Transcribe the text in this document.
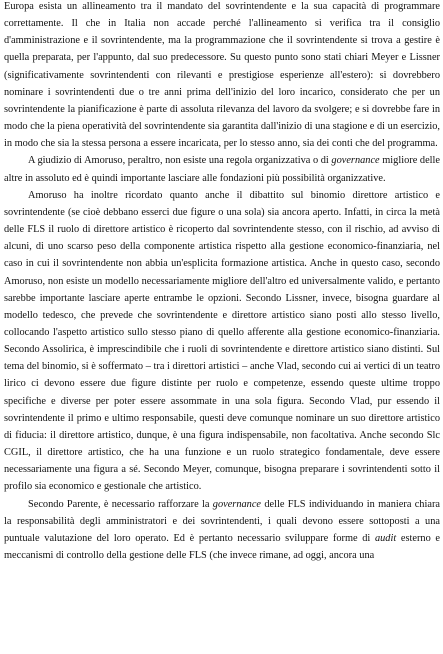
Europa esista un allineamento tra il mandato del sovrintendente e la sua capacità di programmare correttamente. Il che in Italia non accade perché l'allineamento si verifica tra il consiglio d'amministrazione e il sovrintendente, ma la programmazione che il sovrintendente si trova a gestire è quella preparata, per l'appunto, dal suo predecessore. Su questo punto sono stati chiari Meyer e Lissner (significativamente sovrintendenti con rilevanti e prestigiose esperienze all'estero): si dovrebbero nominare i sovrintendenti due o tre anni prima dell'inizio del loro incarico, considerato che per un sovrintendente la pianificazione è parte di assoluta rilevanza del lavoro da svolgere; e si dovrebbe fare in modo che la piena operatività del sovrintendente sia garantita dall'inizio di una stagione e di un esercizio, in modo che sia la stessa persona a essere incaricata, per lo stesso anno, sia dei conti che del programma.

A giudizio di Amoruso, peraltro, non esiste una regola organizzativa o di governance migliore delle altre in assoluto ed è quindi importante lasciare alle fondazioni più possibilità organizzative.

Amoruso ha inoltre ricordato quanto anche il dibattito sul binomio direttore artistico e sovrintendente (se cioè debbano esserci due figure o una sola) sia ancora aperto. Infatti, in circa la metà delle FLS il ruolo di direttore artistico è ricoperto dal sovrintendente stesso, con il rischio, ad avviso di alcuni, di uno scarso peso della componente artistica rispetto alla gestione economico-finanziaria, nel caso in cui il sovrintendente non abbia un'esplicita formazione artistica. Anche in questo caso, secondo Amoruso, non esiste un modello necessariamente migliore dell'altro ed universalmente valido, e pertanto sarebbe importante lasciare aperte entrambe le opzioni. Secondo Lissner, invece, bisogna guardare al modello tedesco, che prevede che sovrintendente e direttore artistico siano posti allo stesso livello, collocando l'aspetto artistico sullo stesso piano di quello afferente alla gestione economico-finanziaria. Secondo Assolirica, è imprescindibile che i ruoli di sovrintendente e direttore artistico siano distinti. Sul tema del binomio, si è soffermato – tra i direttori artistici – anche Vlad, secondo cui ai vertici di un teatro lirico ci devono essere due figure distinte per ruolo e competenze, essendo queste ultime troppo specifiche e diverse per poter essere assommate in una sola figura. Secondo Vlad, pur essendo il sovrintendente il primo e ultimo responsabile, questi deve comunque nominare un suo direttore artistico di fiducia: il direttore artistico, dunque, è una figura indispensabile, non facoltativa. Anche secondo Slc CGIL, il direttore artistico, che ha una funzione e un ruolo strategico fondamentale, deve essere necessariamente una figura a sé. Secondo Meyer, comunque, bisogna preparare i sovrintendenti sotto il profilo sia economico e gestionale che artistico.

Secondo Parente, è necessario rafforzare la governance delle FLS individuando in maniera chiara la responsabilità degli amministratori e dei sovrintendenti, i quali devono essere sottoposti a una puntuale valutazione del loro operato. Ed è pertanto necessario sviluppare forme di audit esterno e meccanismi di controllo della gestione delle FLS (che invece rimane, ad oggi, ancora una
